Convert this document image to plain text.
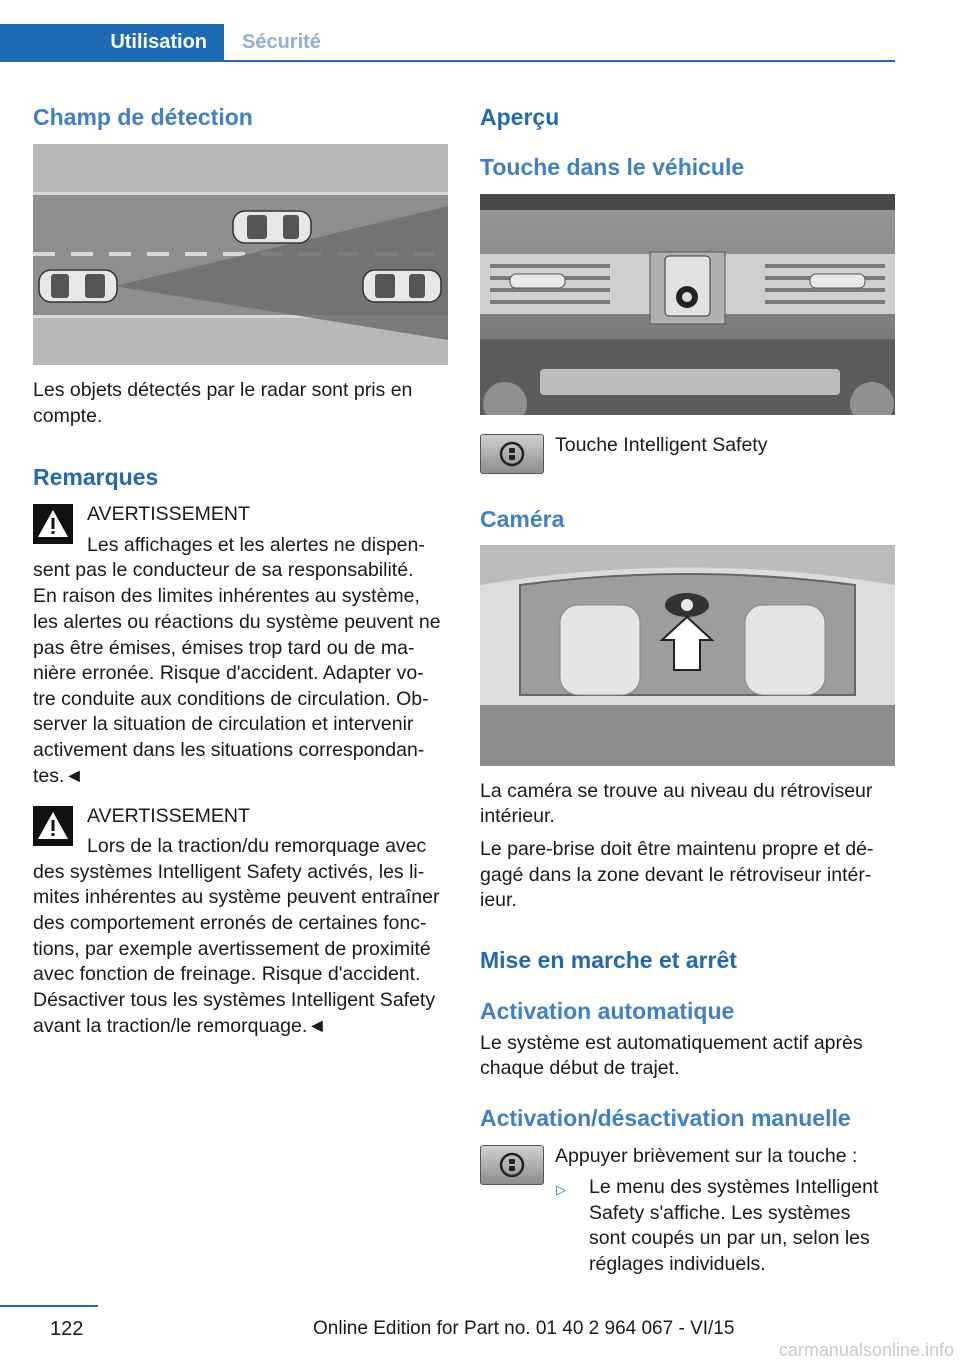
Utilisation	Sécurité
Champ de détection
Les objets détectés par le radar sont pris en
compte.
Remarques
AVERTISSEMENT
Les affichages et les alertes ne dispen-
sent pas le conducteur de sa responsabilité.
En raison des limites inhérentes au système,
les alertes ou réactions du système peuvent ne
pas être émises, émises trop tard ou de ma-
nière erronée. Risque d'accident. Adapter vo-
tre conduite aux conditions de circulation. Ob-
server la situation de circulation et intervenir
activement dans les situations correspondan-
tes.◄
AVERTISSEMENT
Lors de la traction/du remorquage avec
des systèmes Intelligent Safety activés, les li-
mites inhérentes au système peuvent entraîner
des comportement erronés de certaines fonc-
tions, par exemple avertissement de proximité
avec fonction de freinage. Risque d'accident.
Désactiver tous les systèmes Intelligent Safety
avant la traction/le remorquage.◄
Aperçu
Touche dans le véhicule
Touche Intelligent Safety
Caméra
La caméra se trouve au niveau du rétroviseur
intérieur.
Le pare-brise doit être maintenu propre et dé-
gagé dans la zone devant le rétroviseur intér-
ieur.
Mise en marche et arrêt
Activation automatique
Le système est automatiquement actif après
chaque début de trajet.
Activation/désactivation manuelle
Appuyer brièvement sur la touche :
▷ Le menu des systèmes Intelligent
Safety s'affiche. Les systèmes
sont coupés un par un, selon les
réglages individuels.
122	Online Edition for Part no. 01 40 2 964 067 - VI/15
carmanualsonline.info
